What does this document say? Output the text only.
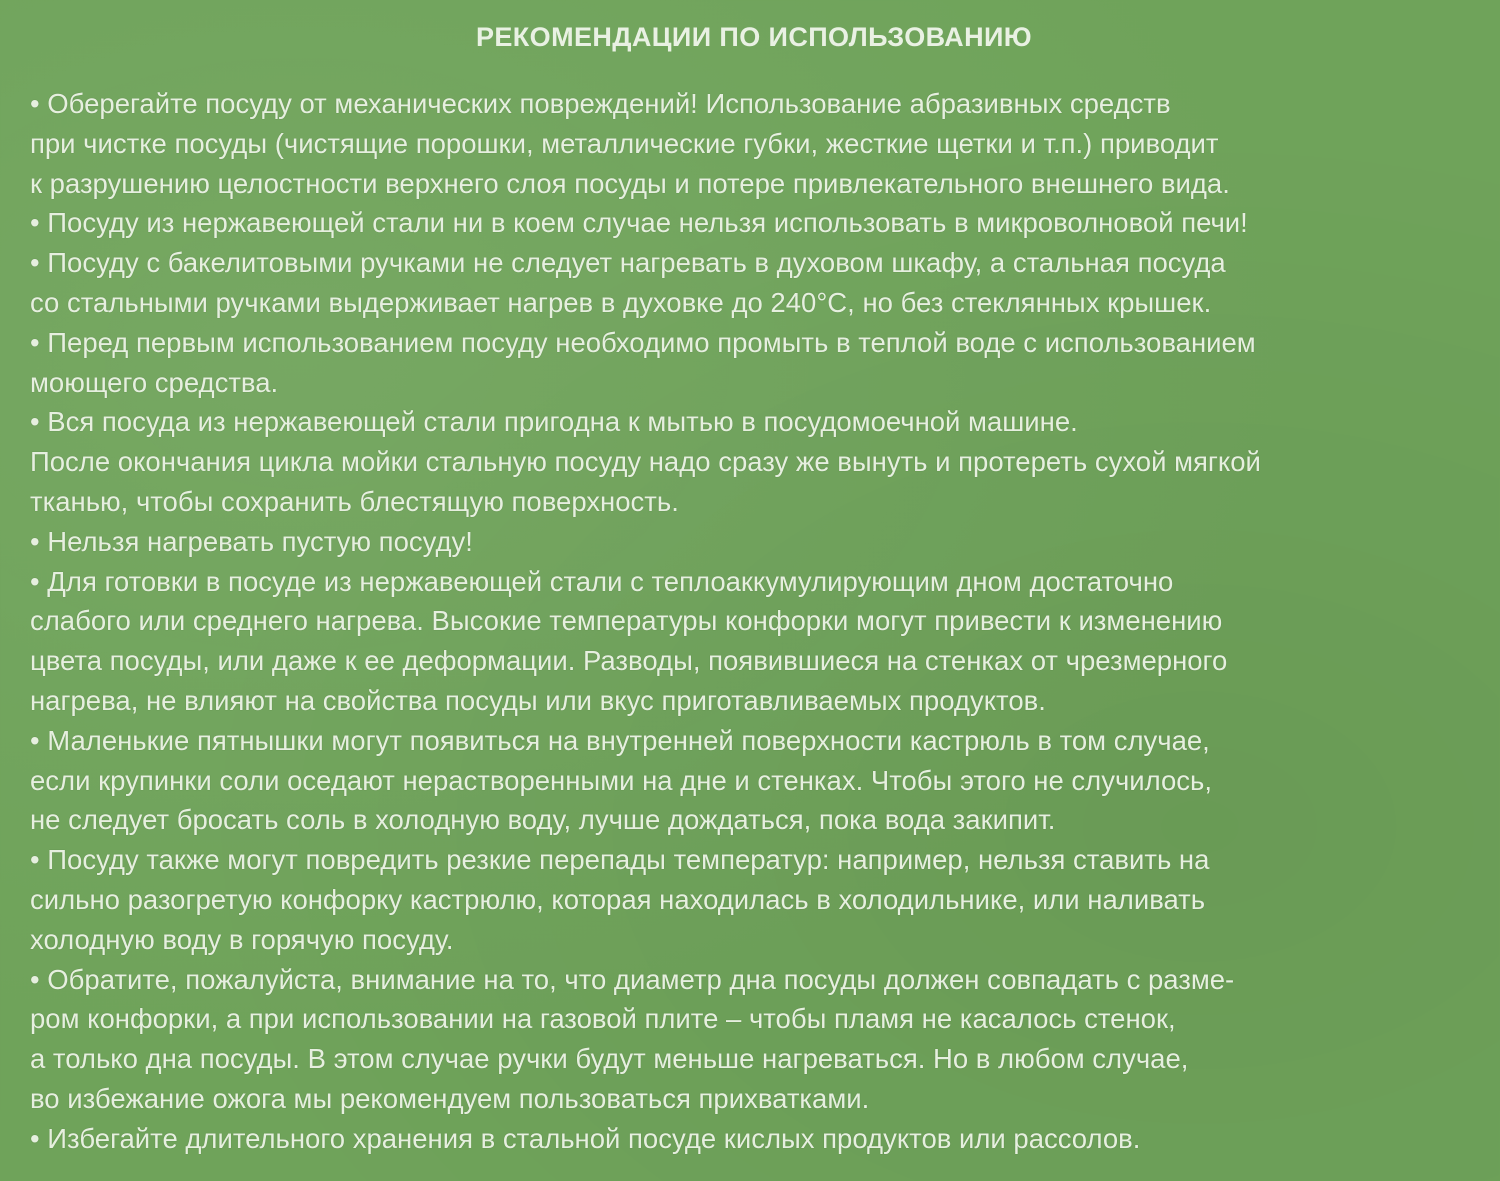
РЕКОМЕНДАЦИИ ПО ИСПОЛЬЗОВАНИЮ
• Оберегайте посуду от механических повреждений! Использование абразивных средств
при чистке посуды (чистящие порошки, металлические губки, жесткие щетки и т.п.) приводит
к разрушению целостности верхнего слоя посуды и потере привлекательного внешнего вида.
• Посуду из нержавеющей стали ни в коем случае нельзя использовать в микроволновой печи!
• Посуду с бакелитовыми ручками не следует нагревать в духовом шкафу, а стальная посуда
со стальными ручками выдерживает нагрев в духовке до 240°С, но без стеклянных крышек.
• Перед первым использованием посуду необходимо промыть в теплой воде с использованием
моющего средства.
• Вся посуда из нержавеющей стали пригодна к мытью в посудомоечной машине.
После окончания цикла мойки стальную посуду надо сразу же вынуть и протереть сухой мягкой
тканью, чтобы сохранить блестящую поверхность.
• Нельзя нагревать пустую посуду!
• Для готовки в посуде из нержавеющей стали с теплоаккумулирующим дном достаточно
слабого или среднего нагрева. Высокие температуры конфорки могут привести к изменению
цвета посуды, или даже к ее деформации. Разводы, появившиеся на стенках от чрезмерного
нагрева, не влияют на свойства посуды или вкус приготавливаемых продуктов.
• Маленькие пятнышки могут появиться на внутренней поверхности кастрюль в том случае,
если крупинки соли оседают нерастворенными на дне и стенках. Чтобы этого не случилось,
не следует бросать соль в холодную воду, лучше дождаться, пока вода закипит.
• Посуду также могут повредить резкие перепады температур: например, нельзя ставить на
сильно разогретую конфорку кастрюлю, которая находилась в холодильнике, или наливать
холодную воду в горячую посуду.
• Обратите, пожалуйста, внимание на то, что диаметр дна посуды должен совпадать с разме-
ром конфорки, а при использовании на газовой плите – чтобы пламя не касалось стенок,
а только дна посуды. В этом случае ручки будут меньше нагреваться. Но в любом случае,
во избежание ожога мы рекомендуем пользоваться прихватками.
• Избегайте длительного хранения в стальной посуде кислых продуктов или рассолов.
